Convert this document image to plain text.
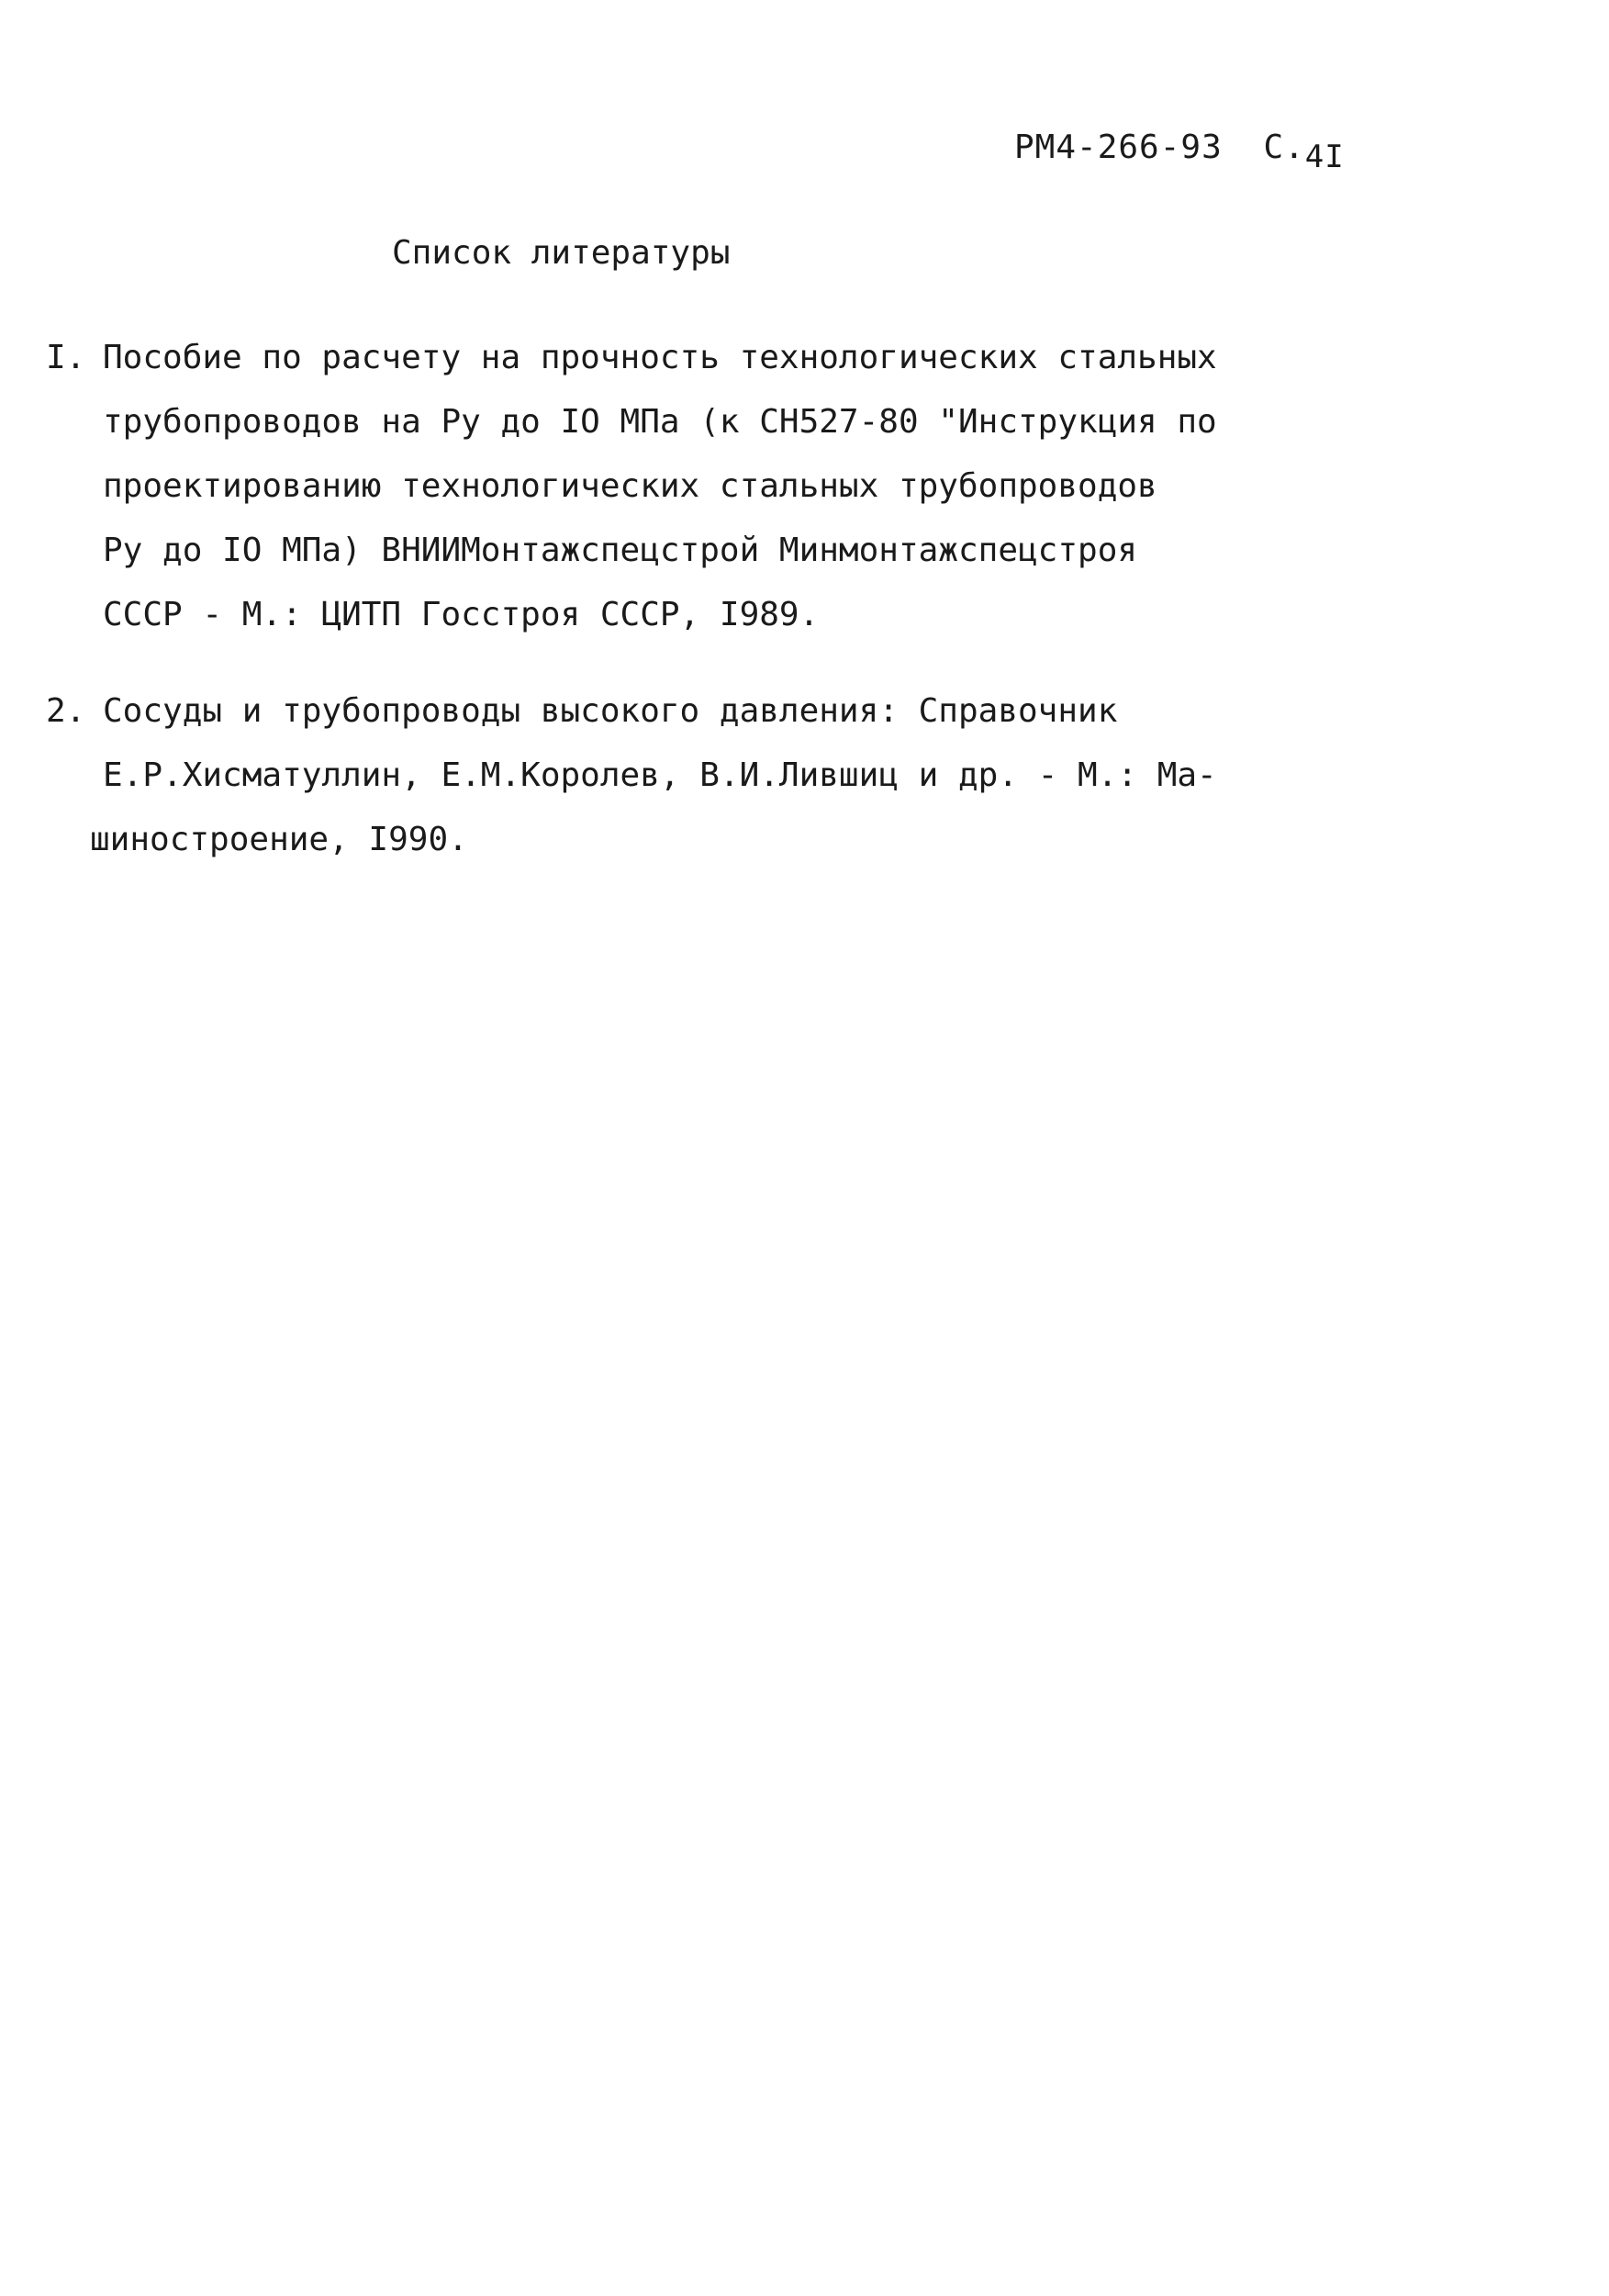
РМ4-266-93 С.4I
Список литературы
I. Пособие по расчету на прочность технологических стальных
трубопроводов на Ру до IO МПа (к СН527-80 "Инструкция по
проектированию технологических стальных трубопроводов
Ру до IO МПа) ВНИИМонтажспецстрой Минмонтажспецстроя
СССР - М.: ЦИТП Госстроя СССР, I989.
2. Сосуды и трубопроводы высокого давления: Справочник
Е.Р.Хисматуллин, Е.М.Королев, В.И.Лившиц и др. - М.: Ма-
шиностроение, I990.
